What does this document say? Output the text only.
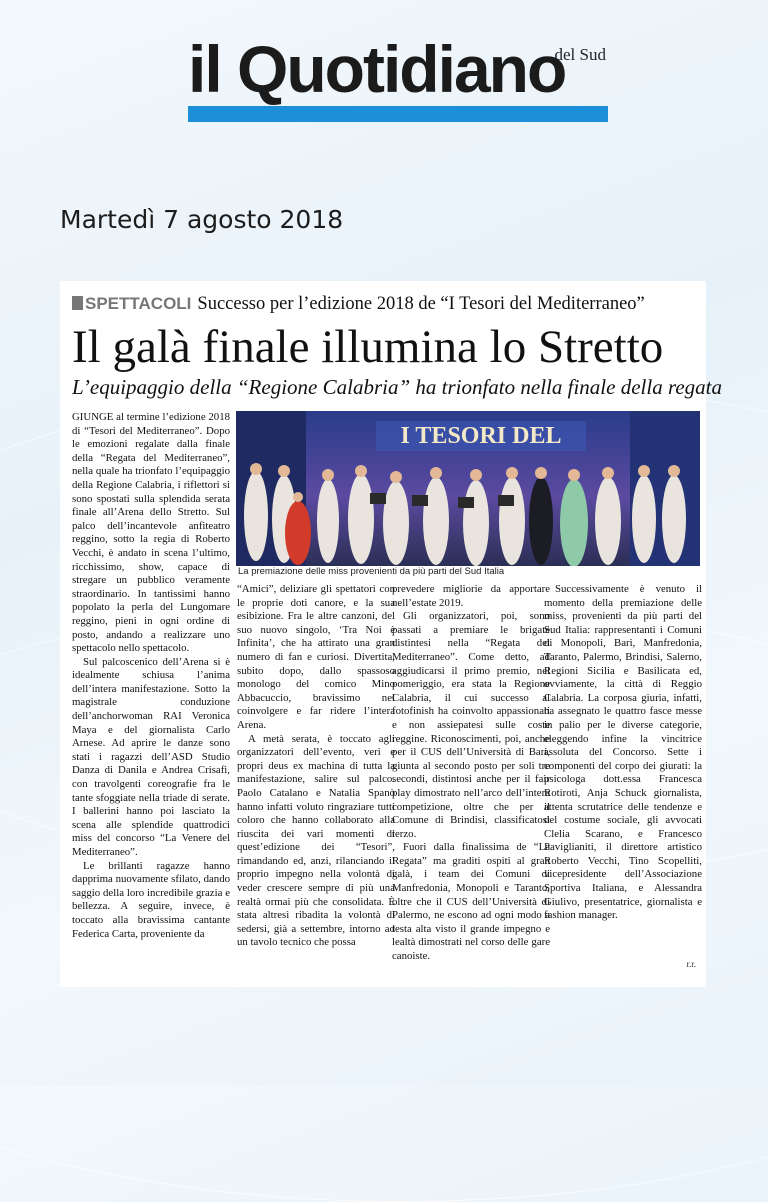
il Quotidiano
del Sud
Martedì 7 agosto 2018
SPETTACOLI Successo per l’edizione 2018 de “I Tesori del Mediterraneo”
Il galà finale illumina lo Stretto
L’equipaggio della “Regione Calabria” ha trionfato nella finale della regata

GIUNGE al termine l’edizione 2018 di “Tesori del Mediterraneo”. Dopo le emozioni regalate dalla finale della “Regata del Mediterraneo”, nella quale ha trionfato l’equipaggio della Regione Calabria, i riflettori si sono spostati sulla splendida serata finale all’Arena dello Stretto. Sul palco dell’incantevole anfiteatro reggino, sotto la regia di Roberto Vecchi, è andato in scena l’ultimo, ricchissimo, show, capace di stregare un pubblico veramente straordinario. In tantissimi hanno popolato la perla del Lungomare reggino, pieni in ogni ordine di posto, andando a realizzare uno spettacolo nello spettacolo.

Sul palcoscenico dell’Arena si è idealmente schiusa l’anima dell’intera manifestazione. Sotto la magistrale conduzione dell’anchorwoman RAI Veronica Maya e del giornalista Carlo Arnese. Ad aprire le danze sono stati i ragazzi dell’ASD Studio Danza di Danila e Andrea Crisafi, con travolgenti coreografie fra le tante sfoggiate nella triade di serate. I ballerini hanno poi lasciato la scena alle splendide quattrodici miss del concorso “La Venere del Mediterraneo”.

Le brillanti ragazze hanno dapprima nuovamente sfilato, dando saggio della loro incredibile grazia e bellezza. A seguire, invece, è toccato alla bravissima cantante Federica Carta, proveniente da

I TESORI DEL
La premiazione delle miss provenienti da più parti del Sud Italia

“Amici”, deliziare gli spettatori con le proprie doti canore, e la sua esibizione. Fra le altre canzoni, del suo nuovo singolo, ‘Tra Noi è Infinita’, che ha attirato una gran numero di fan e curiosi. Divertita, subito dopo, dallo spassoso monologo del comico Mino Abbacuccio, bravissimo nel coinvolgere e far ridere l’intera Arena.

A metà serata, è toccato agli organizzatori dell’evento, veri e propri deus ex machina di tutta la manifestazione, salire sul palco. Paolo Catalano e Natalia Spanò hanno infatti voluto ringraziare tutti coloro che hanno collaborato alla riuscita dei vari momenti di quest’edizione dei “Tesori”, rimandando ed, anzi, rilanciando il proprio impegno nella volontà di veder crescere sempre di più una realtà ormai più che consolidata. È stata altresì ribadita la volontà di sedersi, già a settembre, intorno ad un tavolo tecnico che possa

prevedere migliorie da apportare nell’estate 2019.

Gli organizzatori, poi, sono passati a premiare le brigate distintesi nella “Regata del Mediterraneo”. Come detto, ad aggiudicarsi il primo premio, nel pomeriggio, era stata la Regione Calabria, il cui successo al fotofinish ha coinvolto appassionati e non assiepatesi sulle coste reggine. Riconoscimenti, poi, anche per il CUS dell’Università di Bari, giunta al secondo posto per soli tre secondi, distintosi anche per il fair play dimostrato nell’arco dell’intera competizione, oltre che per il Comune di Brindisi, classificatosi terzo.

Fuori dalla finalissima de “La Regata” ma graditi ospiti al gran galà, i team dei Comuni di Manfredonia, Monopoli e Taranto, oltre che il CUS dell’Università di Palermo, ne escono ad ogni modo a testa alta visto il grande impegno e lealtà dimostrati nel corso delle gare canoiste.

Successivamente è venuto il momento della premiazione delle miss, provenienti da più parti del Sud Italia: rappresentanti i Comuni di Monopoli, Bari, Manfredonia, Taranto, Palermo, Brindisi, Salerno, Regioni Sicilia e Basilicata ed, ovviamente, la città di Reggio Calabria. La corposa giuria, infatti, ha assegnato le quattro fasce messe in palio per le diverse categorie, eleggendo infine la vincitrice assoluta del Concorso. Sette i componenti del corpo dei giurati: la psicologa dott.essa Francesca Rotiroti, Anja Schuck giornalista, attenta scrutatrice delle tendenze e del costume sociale, gli avvocati Clelia Scarano, e Francesco Paviglianiti, il direttore artistico Roberto Vecchi, Tino Scopelliti, vicepresidente dell’Associazione Sportiva Italiana, e Alessandra Giulivo, presentatrice, giornalista e fashion manager.

r.r.
